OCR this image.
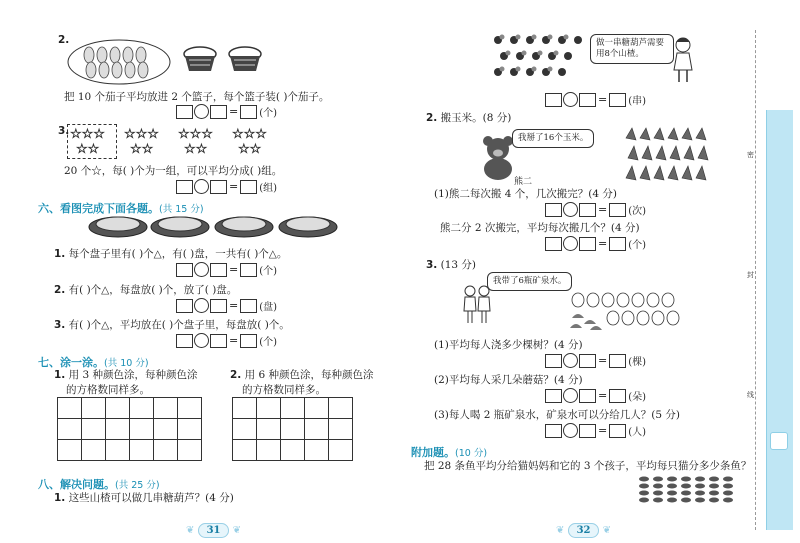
2.
把 10 个茄子平均放进 2 个篮子，每个篮子装( )个茄子。
= (个)
3. ☆☆☆
☆☆
☆☆☆
☆☆
☆☆☆
☆☆
☆☆☆
☆☆
20 个☆，每( )个为一组，可以平均分成( )组。
= (组)
六、看图完成下面各题。(共 15 分)
1. 每个盘子里有( )个△，有( )盘，一共有( )个△。
= (个)
2. 有( )个△，每盘放( )个，放了( )盘。
= (盘)
3. 有( )个△，平均放在( )个盘子里，每盘放( )个。
= (个)
七、涂一涂。(共 10 分)
1. 用 3 种颜色涂，每种颜色涂
的方格数同样多。
2. 用 6 种颜色涂，每种颜色涂
的方格数同样多。

八、解决问题。(共 25 分)
1. 这些山楂可以做几串糖葫芦？(4 分)
❦ 31 ❦
做一串糖葫芦需要用8个山楂。
= (串)
2. 搬玉米。(8 分)
我掰了16个玉米。
熊二
(1)熊二每次搬 4 个，几次搬完？(4 分)
= (次)
熊二分 2 次搬完，平均每次搬几个？(4 分)
= (个)
3. (13 分)
我带了6瓶矿泉水。
(1)平均每人浇多少棵树？(4 分)
= (棵)
(2)平均每人采几朵蘑菇？(4 分)
= (朵)
(3)每人喝 2 瓶矿泉水，矿泉水可以分给几人？(5 分)
= (人)
附加题。(10 分)
把 28 条鱼平均分给猫妈妈和它的 3 个孩子，平均每只猫分多少条鱼？
❦ 32 ❦
密
封
线
